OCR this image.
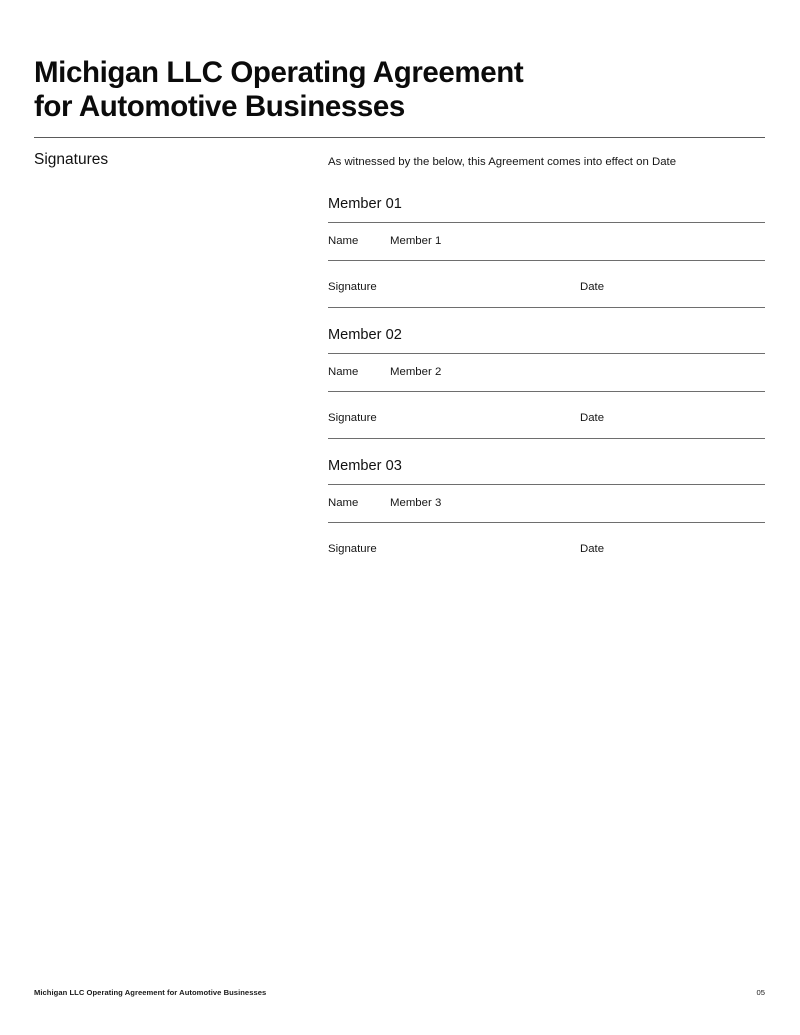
Michigan LLC Operating Agreement
for Automotive Businesses
Signatures	As witnessed by the below, this Agreement comes into effect on Date

Member 01
Name	Member 1
Signature	Date
Member 02
Name	Member 2
Signature	Date
Member 03
Name	Member 3
Signature	Date
Michigan LLC Operating Agreement for Automotive Businesses	05
